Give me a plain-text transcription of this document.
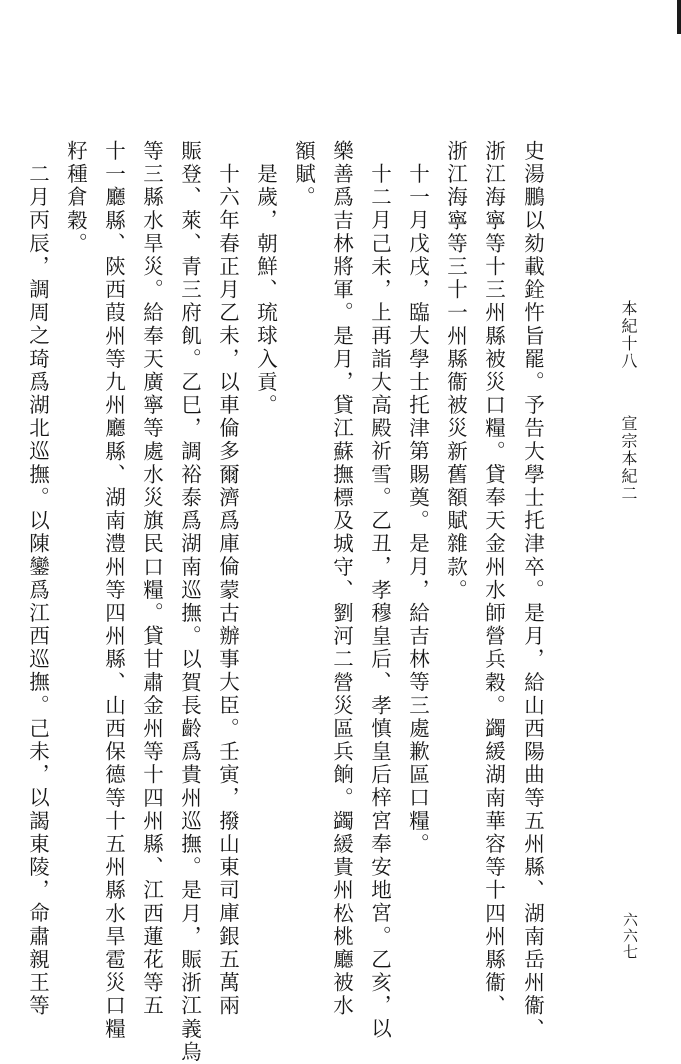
史湯鵬以劾載銓忤旨罷。予告大學士托津卒。是月，給山西陽曲等五州縣、湖南岳州衞、
浙江海寧等十三州縣被災口糧。貸奉天金州水師營兵穀。蠲緩湖南華容等十四州縣衞、
浙江海寧等三十一州縣衞被災新舊額賦雜款。
十一月戊戌，臨大學士托津第賜奠。是月，給吉林等三處歉區口糧。
十二月己未，上再詣大高殿祈雪。乙丑，孝穆皇后、孝慎皇后梓宮奉安地宮。乙亥，以
樂善爲吉林將軍。是月，貸江蘇撫標及城守、劉河二營災區兵餉。蠲緩貴州松桃廳被水
額賦。
是歲，朝鮮、琉球入貢。
十六年春正月乙未，以車倫多爾濟爲庫倫蒙古辦事大臣。壬寅，撥山東司庫銀五萬兩
賑登、萊、青三府飢。乙巳，調裕泰爲湖南巡撫。以賀長齡爲貴州巡撫。是月，賑浙江義烏
等三縣水旱災。給奉天廣寧等處水災旗民口糧。貸甘肅金州等十四州縣、江西蓮花等五
十一廳縣、陝西葭州等九州廳縣、湖南澧州等四州縣、山西保德等十五州縣水旱雹災口糧
籽種倉穀。
二月丙辰，調周之琦爲湖北巡撫。以陳鑾爲江西巡撫。己未，以謁東陵，命肅親王等	本紀十八
宣宗本紀二
六六七
